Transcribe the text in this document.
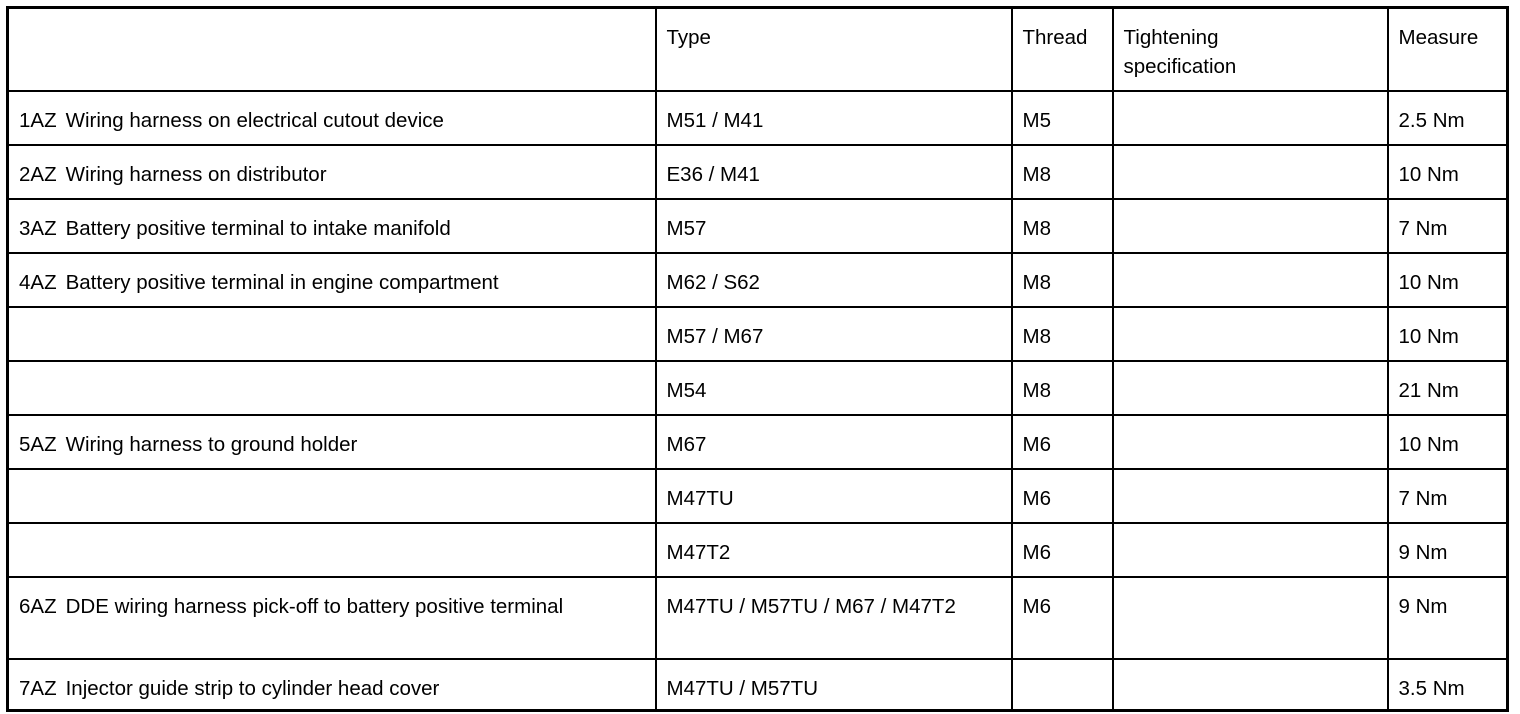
	Type	Thread	Tightening specification	Measure
1AZ Wiring harness on electrical cutout device	M51 / M41	M5		2.5 Nm
2AZ Wiring harness on distributor	E36 / M41	M8		10 Nm
3AZ Battery positive terminal to intake manifold	M57	M8		7 Nm
4AZ Battery positive terminal in engine compartment	M62 / S62	M8		10 Nm
	M57 / M67	M8		10 Nm
	M54	M8		21 Nm
5AZ Wiring harness to ground holder	M67	M6		10 Nm
	M47TU	M6		7 Nm
	M47T2	M6		9 Nm
6AZ DDE wiring harness pick-off to battery positive terminal	M47TU / M57TU / M67 / M47T2	M6		9 Nm
7AZ Injector guide strip to cylinder head cover	M47TU / M57TU			3.5 Nm
